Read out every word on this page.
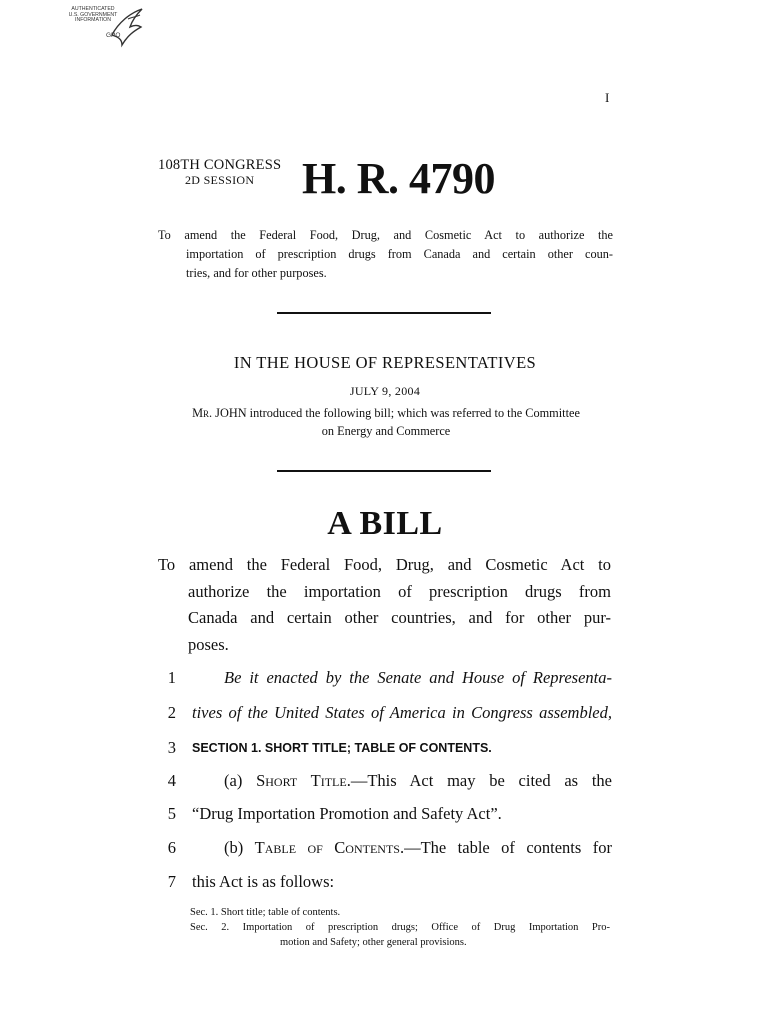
AUTHENTICATED
U.S. GOVERNMENT
INFORMATION
GPO
I
108TH CONGRESS
2D SESSION H. R. 4790
To amend the Federal Food, Drug, and Cosmetic Act to authorize the
importation of prescription drugs from Canada and certain other coun-
tries, and for other purposes.
IN THE HOUSE OF REPRESENTATIVES
JULY 9, 2004
Mr. JOHN introduced the following bill; which was referred to the Committee
on Energy and Commerce
A BILL
To amend the Federal Food, Drug, and Cosmetic Act to
authorize the importation of prescription drugs from
Canada and certain other countries, and for other pur-
poses.
1	Be it enacted by the Senate and House of Representa-
2 tives of the United States of America in Congress assembled,
3 SECTION 1. SHORT TITLE; TABLE OF CONTENTS.
4	(a) Short Title.—This Act may be cited as the
5 “Drug Importation Promotion and Safety Act”.
6	(b) Table of Contents.—The table of contents for
7 this Act is as follows:
Sec. 1. Short title; table of contents.
Sec. 2. Importation of prescription drugs; Office of Drug Importation Pro-
motion and Safety; other general provisions.
